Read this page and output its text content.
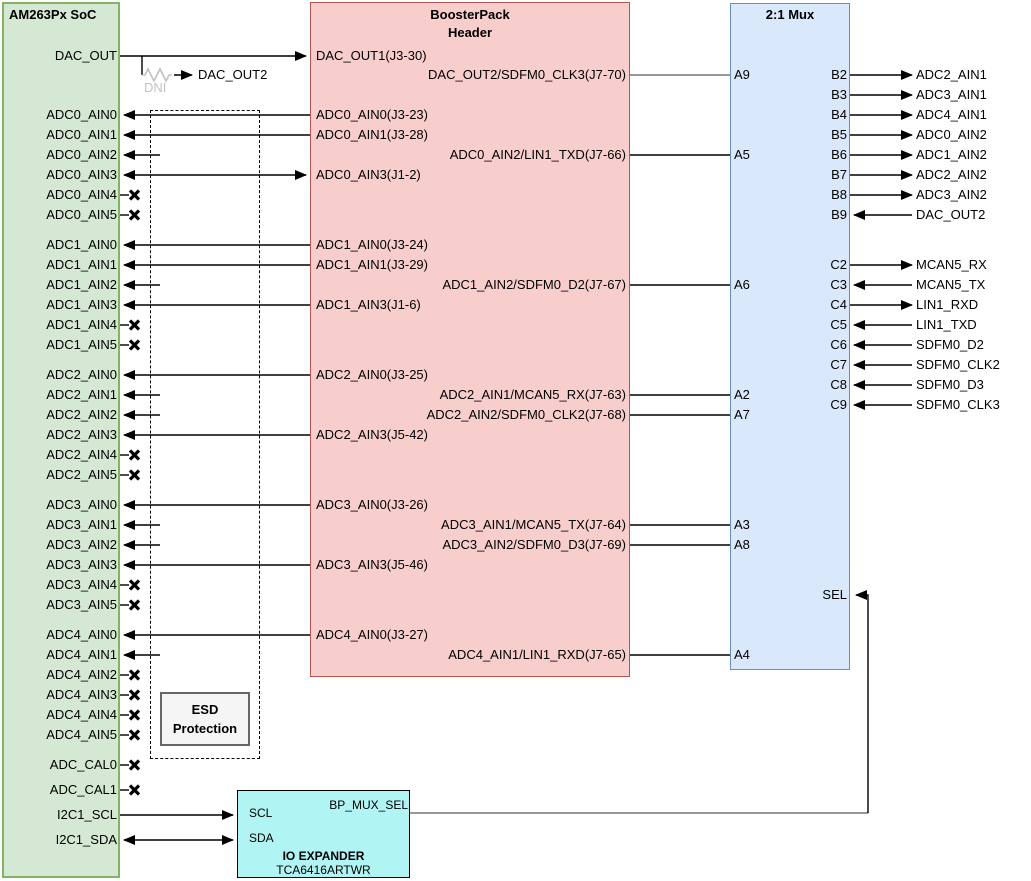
ESD
Protection
AM263Px SoC	BoosterPack
Header
2:1 Mux
DAC_OUT2
DNI
DAC_OUT
ADC0_AIN0
ADC0_AIN1
ADC0_AIN2
ADC0_AIN3
ADC0_AIN4
ADC0_AIN5
ADC1_AIN0
ADC1_AIN1
ADC1_AIN2
ADC1_AIN3
ADC1_AIN4
ADC1_AIN5
ADC2_AIN0
ADC2_AIN1
ADC2_AIN2
ADC2_AIN3
ADC2_AIN4
ADC2_AIN5
ADC3_AIN0
ADC3_AIN1
ADC3_AIN2
ADC3_AIN3
ADC3_AIN4
ADC3_AIN5
ADC4_AIN0
ADC4_AIN1
ADC4_AIN2
ADC4_AIN3
ADC4_AIN4
ADC4_AIN5
ADC_CAL0
ADC_CAL1
I2C1_SCL
I2C1_SDA
DAC_OUT1(J3-30)
ADC0_AIN0(J3-23)
ADC0_AIN1(J3-28)
ADC0_AIN3(J1-2)
ADC1_AIN0(J3-24)
ADC1_AIN1(J3-29)
ADC1_AIN3(J1-6)
ADC2_AIN0(J3-25)
ADC2_AIN3(J5-42)
ADC3_AIN0(J3-26)
ADC3_AIN3(J5-46)
ADC4_AIN0(J3-27)
DAC_OUT2/SDFM0_CLK3(J7-70)
ADC0_AIN2/LIN1_TXD(J7-66)
ADC1_AIN2/SDFM0_D2(J7-67)
ADC2_AIN1/MCAN5_RX(J7-63)
ADC2_AIN2/SDFM0_CLK2(J7-68)
ADC3_AIN1/MCAN5_TX(J7-64)
ADC3_AIN2/SDFM0_D3(J7-69)
ADC4_AIN1/LIN1_RXD(J7-65)
A9
A5
A6
A2
A7
A3
A8
A4
B2
B3
B4
B5
B6
B7
B8
B9
C2
C3
C4
C5
C6
C7
C8
C9
SEL
ADC2_AIN1
ADC3_AIN1
ADC4_AIN1
ADC0_AIN2
ADC1_AIN2
ADC2_AIN2
ADC3_AIN2
DAC_OUT2
MCAN5_RX
MCAN5_TX
LIN1_RXD
LIN1_TXD
SDFM0_D2
SDFM0_CLK2
SDFM0_D3
SDFM0_CLK3
SCL
SDA
BP_MUX_SEL
IO EXPANDER
TCA6416ARTWR
